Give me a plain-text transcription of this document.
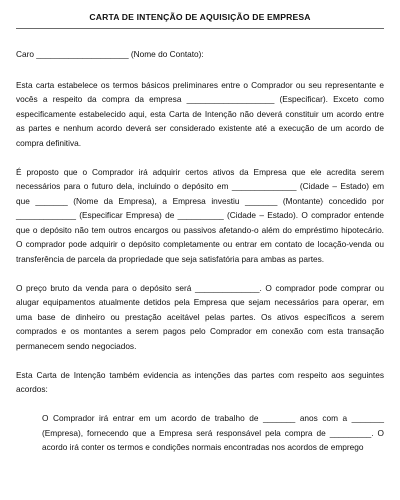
CARTA DE INTENÇÃO DE AQUISIÇÃO DE EMPRESA
Caro ____________________ (Nome do Contato):

Esta carta estabelece os termos básicos preliminares entre o Comprador ou seu representante e vocês a respeito da compra da empresa ___________________ (Especificar). Exceto como especificamente estabelecido aqui, esta Carta de Intenção não deverá constituir um acordo entre as partes e nenhum acordo deverá ser considerado existente até a execução de um acordo de compra definitiva.

É proposto que o Comprador irá adquirir certos ativos da Empresa que ele acredita serem necessários para o futuro dela, incluindo o depósito em ______________ (Cidade – Estado) em que _______ (Nome da Empresa), a Empresa investiu _______ (Montante) concedido por _____________ (Especificar Empresa) de __________ (Cidade – Estado). O comprador entende que o depósito não tem outros encargos ou passivos afetando-o além do empréstimo hipotecário. O comprador pode adquirir o depósito completamente ou entrar em contato de locação-venda ou transferência de parcela da propriedade que seja satisfatória para ambas as partes.

O preço bruto da venda para o depósito será ______________. O comprador pode comprar ou alugar equipamentos atualmente detidos pela Empresa que sejam necessários para operar, em uma base de dinheiro ou prestação aceitável pelas partes. Os ativos específicos a serem comprados e os montantes a serem pagos pelo Comprador em conexão com esta transação permanecem sendo negociados.

Esta Carta de Intenção também evidencia as intenções das partes com respeito aos seguintes acordos:

O Comprador irá entrar em um acordo de trabalho de _______ anos com a _______ (Empresa), fornecendo que a Empresa será responsável pela compra de _________. O acordo irá conter os termos e condições normais encontradas nos acordos de emprego
